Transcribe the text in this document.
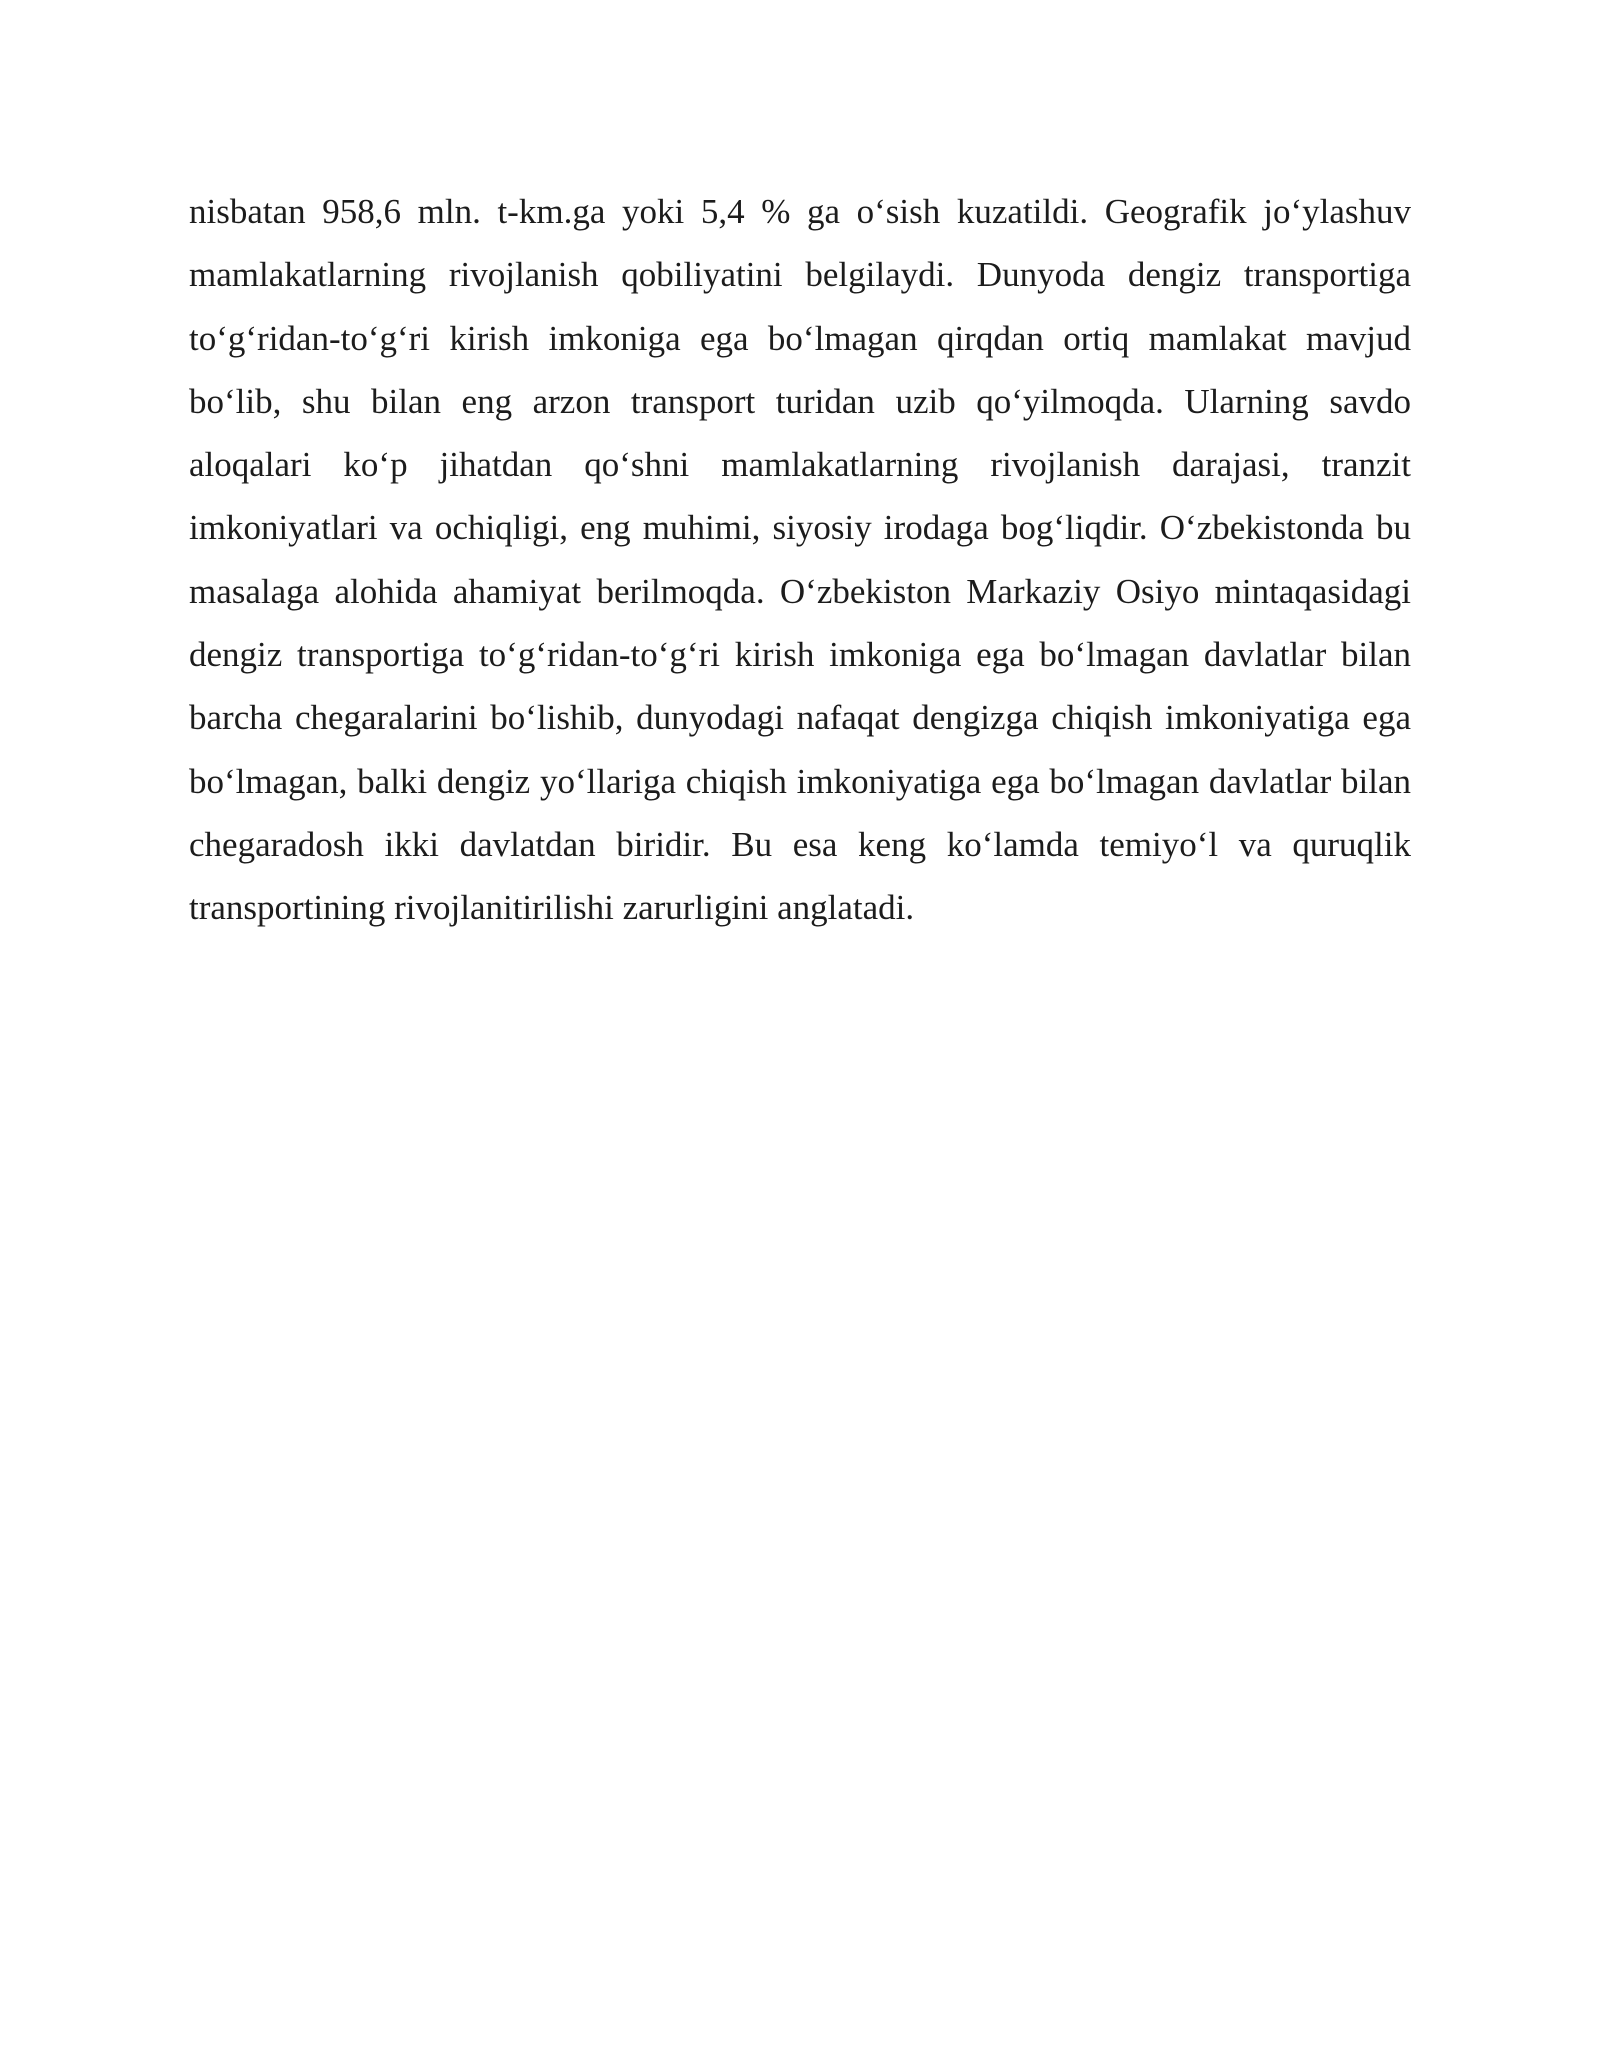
nisbatan 958,6 mln. t-km.ga yoki 5,4 % ga o‘sish kuzatildi. Geografik jo‘ylashuv mamlakatlarning rivojlanish qobiliyatini belgilaydi. Dunyoda dengiz transportiga to‘g‘ridan-to‘g‘ri kirish imkoniga ega bo‘lmagan qirqdan ortiq mamlakat mavjud bo‘lib, shu bilan eng arzon transport turidan uzib qo‘yilmoqda. Ularning savdo aloqalari ko‘p jihatdan qo‘shni mamlakatlarning rivojlanish darajasi, tranzit imkoniyatlari va ochiqligi, eng muhimi, siyosiy irodaga bog‘liqdir. O‘zbekistonda bu masalaga alohida ahamiyat berilmoqda. O‘zbekiston Markaziy Osiyo mintaqasidagi dengiz transportiga to‘g‘ridan-to‘g‘ri kirish imkoniga ega bo‘lmagan davlatlar bilan barcha chegaralarini bo‘lishib, dunyodagi nafaqat dengizga chiqish imkoniyatiga ega bo‘lmagan, balki dengiz yo‘llariga chiqish imkoniyatiga ega bo‘lmagan davlatlar bilan chegaradosh ikki davlatdan biridir. Bu esa keng ko‘lamda temiyo‘l va quruqlik transportining rivojlanitirilishi zarurligini anglatadi.
